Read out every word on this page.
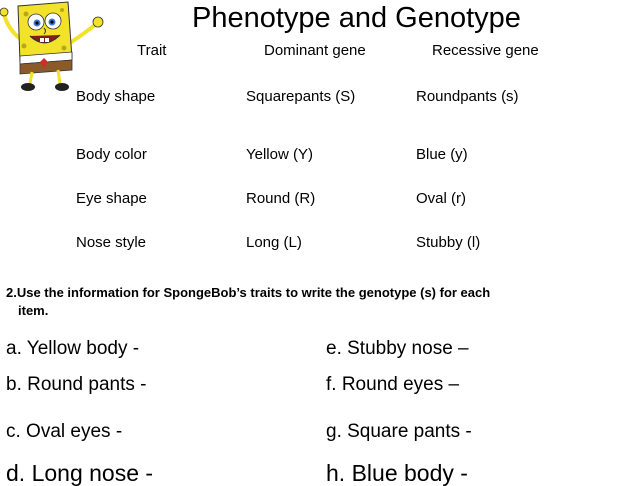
Phenotype and Genotype
Trait	Dominant gene	Recessive gene
Body shape	Squarepants (S)	Roundpants (s)
Body color	Yellow (Y)	Blue (y)
Eye shape	Round (R)	Oval (r)
Nose style	Long (L)	Stubby (l)
2.Use the information for SpongeBob’s traits to write the genotype (s) for each
item.
a. Yellow body -
b. Round pants -
c. Oval eyes -
d. Long nose -
e. Stubby nose –
f. Round eyes –
g. Square pants -
h. Blue body -
